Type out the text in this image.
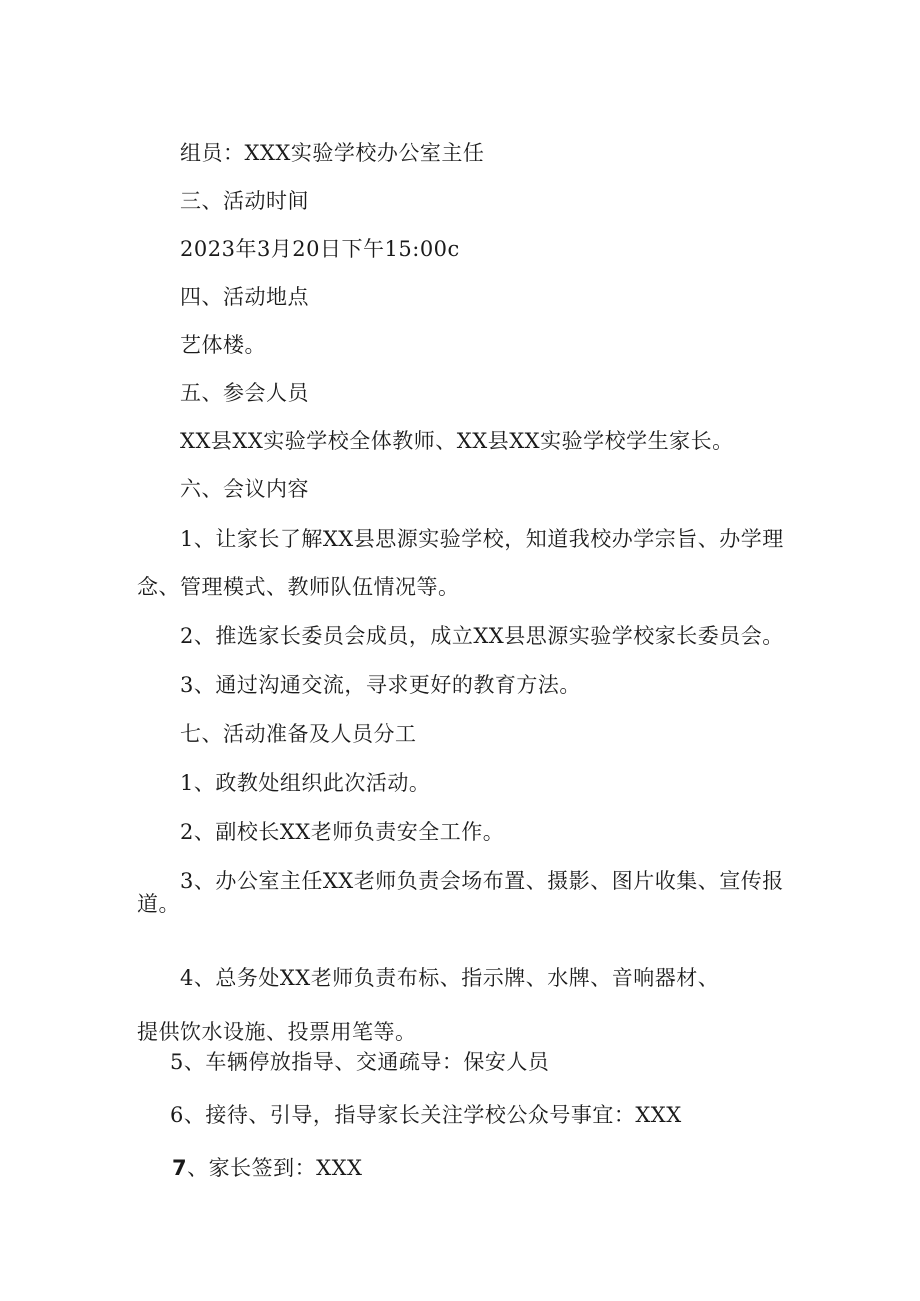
组员：XXX实验学校办公室主任

三、活动时间

2023年3月20日下午15:00c

四、活动地点

艺体楼。

五、参会人员

XX县XX实验学校全体教师、XX县XX实验学校学生家长。

六、会议内容

1、让家长了解XX县思源实验学校，知道我校办学宗旨、办学理

念、管理模式、教师队伍情况等。

2、推选家长委员会成员，成立XX县思源实验学校家长委员会。

3、通过沟通交流，寻求更好的教育方法。

七、活动准备及人员分工

1、政教处组织此次活动。

2、副校长XX老师负责安全工作。

3、办公室主任XX老师负责会场布置、摄影、图片收集、宣传报

道。

4、总务处XX老师负责布标、指示牌、水牌、音响器材、

提供饮水设施、投票用笔等。

5、车辆停放指导、交通疏导：保安人员

6、接待、引导，指导家长关注学校公众号事宜：XXX

7、家长签到：XXX
